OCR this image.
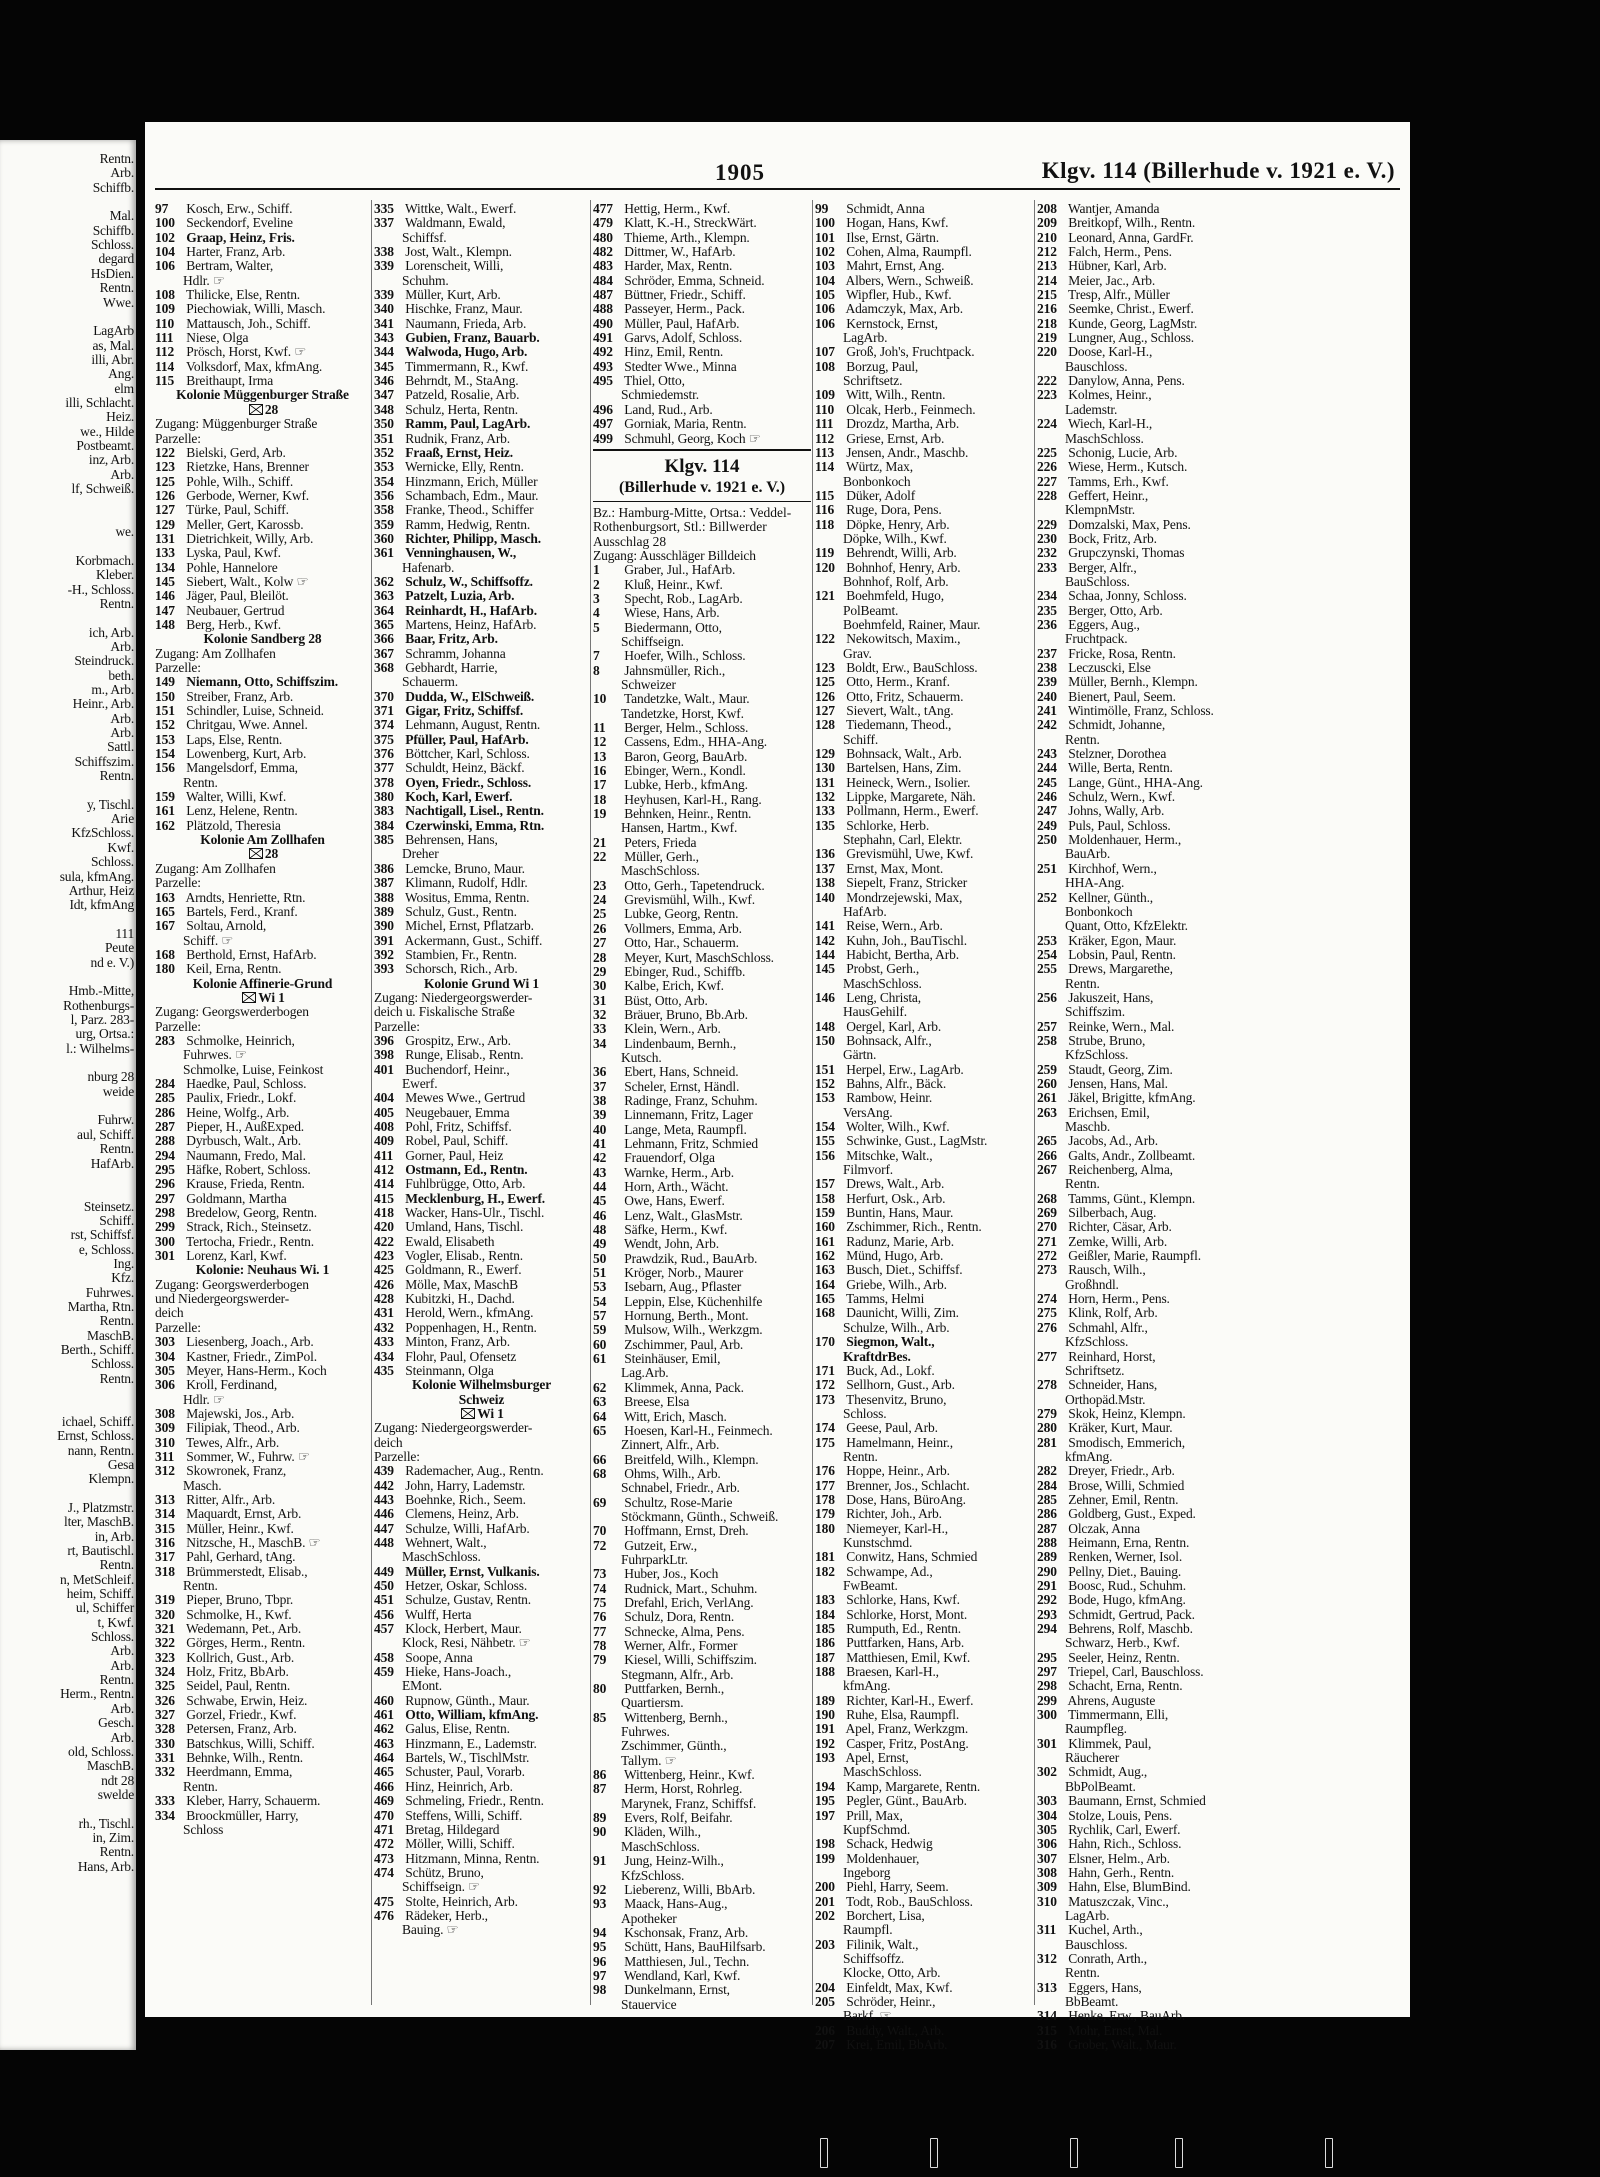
Rentn.
Arb.
Schiffb.
Mal.
Schiffb.
Schloss.
degard
HsDien.
Rentn.
Wwe.
LagArb
as, Mal.
illi, Abr.
Ang.
elm
illi, Schlacht.
Heiz.
we., Hilde
Postbeamt.
inz, Arb.
Arb.
lf, Schweiß.
we.
Korbmach.
Kleber.
-H., Schloss.
Rentn.
ich, Arb.
Arb.
Steindruck.
beth.
m., Arb.
Heinr., Arb.
Arb.
Arb.
Sattl.
Schiffszim.
Rentn.
y, Tischl.
Arie
KfzSchloss.
Kwf.
Schloss.
sula, kfmAng.
Arthur, Heiz
Idt, kfmAng
111
Peute
nd e. V.)
Hmb.-Mitte,
Rothenburgs-
l, Parz. 283-
urg, Ortsa.:
l.: Wilhelms-
nburg 28
weide
Fuhrw.
aul, Schiff.
Rentn.
HafArb.
Steinsetz.
Schiff.
rst, Schiffsf.
e, Schloss.
Ing.
Kfz.
Fuhrwes.
Martha, Rtn.
Rentn.
MaschB.
Berth., Schiff.
Schloss.
Rentn.
ichael, Schiff.
Ernst, Schloss.
nann, Rentn.
Gesa
Klempn.
J., Platzmstr.
lter, MaschB.
in, Arb.
rt, Bautischl.
Rentn.
n, MetSchleif.
heim, Schiff.
ul, Schiffer
t, Kwf.
Schloss.
Arb.
Arb.
Rentn.
Herm., Rentn.
Arb.
Gesch.
Arb.
old, Schloss.
MaschB.
ndt 28
swelde
rh., Tischl.
in, Zim.
Rentn.
Hans, Arb.
1905	Klgv. 114 (Billerhude v. 1921 e. V.)
97 Kosch, Erw., Schiff.
100 Seckendorf, Eveline
102 Graap, Heinz, Fris.
104 Harter, Franz, Arb.
106 Bertram, Walter,
Hdlr. ☞
108 Thilicke, Else, Rentn.
109 Piechowiak, Willi, Masch.
110 Mattausch, Joh., Schiff.
111 Niese, Olga
112 Prösch, Horst, Kwf. ☞
114 Volksdorf, Max, kfmAng.
115 Breithaupt, Irma
Kolonie Müggenburger Straße
28
Zugang: Müggenburger Straße
Parzelle:
122 Bielski, Gerd, Arb.
123 Rietzke, Hans, Brenner
125 Pohle, Wilh., Schiff.
126 Gerbode, Werner, Kwf.
127 Türke, Paul, Schiff.
129 Meller, Gert, Karossb.
131 Dietrichkeit, Willy, Arb.
133 Lyska, Paul, Kwf.
134 Pohle, Hannelore
145 Siebert, Walt., Kolw ☞
146 Jäger, Paul, Bleilöt.
147 Neubauer, Gertrud
148 Berg, Herb., Kwf.
Kolonie Sandberg 28
Zugang: Am Zollhafen
Parzelle:
149 Niemann, Otto, Schiffszim.
150 Streiber, Franz, Arb.
151 Schindler, Luise, Schneid.
152 Chritgau, Wwe. Annel.
153 Laps, Else, Rentn.
154 Lowenberg, Kurt, Arb.
156 Mangelsdorf, Emma,
Rentn.
159 Walter, Willi, Kwf.
161 Lenz, Helene, Rentn.
162 Plätzold, Theresia
Kolonie Am Zollhafen
28
Zugang: Am Zollhafen
Parzelle:
163 Arndts, Henriette, Rtn.
165 Bartels, Ferd., Kranf.
167 Soltau, Arnold,
Schiff. ☞
168 Berthold, Ernst, HafArb.
180 Keil, Erna, Rentn.
Kolonie Affinerie-Grund
Wi 1
Zugang: Georgswerderbogen
Parzelle:
283 Schmolke, Heinrich,
Fuhrwes. ☞
Schmolke, Luise, Feinkost
284 Haedke, Paul, Schloss.
285 Paulix, Friedr., Lokf.
286 Heine, Wolfg., Arb.
287 Pieper, H., AußExped.
288 Dyrbusch, Walt., Arb.
294 Naumann, Fredo, Mal.
295 Häfke, Robert, Schloss.
296 Krause, Frieda, Rentn.
297 Goldmann, Martha
298 Bredelow, Georg, Rentn.
299 Strack, Rich., Steinsetz.
300 Tertocha, Friedr., Rentn.
301 Lorenz, Karl, Kwf.
Kolonie: Neuhaus Wi. 1
Zugang: Georgswerderbogen
und Niedergeorgswerder-
deich
Parzelle:
303 Liesenberg, Joach., Arb.
304 Kastner, Friedr., ZimPol.
305 Meyer, Hans-Herm., Koch
306 Kroll, Ferdinand,
Hdlr. ☞
308 Majewski, Jos., Arb.
309 Filipiak, Theod., Arb.
310 Tewes, Alfr., Arb.
311 Sommer, W., Fuhrw. ☞
312 Skowronek, Franz,
Masch.
313 Ritter, Alfr., Arb.
314 Maquardt, Ernst, Arb.
315 Müller, Heinr., Kwf.
316 Nitzsche, H., MaschB. ☞
317 Pahl, Gerhard, tAng.
318 Brümmerstedt, Elisab.,
Rentn.
319 Pieper, Bruno, Tbpr.
320 Schmolke, H., Kwf.
321 Wedemann, Pet., Arb.
322 Görges, Herm., Rentn.
323 Kollrich, Gust., Arb.
324 Holz, Fritz, BbArb.
325 Seidel, Paul, Rentn.
326 Schwabe, Erwin, Heiz.
327 Gorzel, Friedr., Kwf.
328 Petersen, Franz, Arb.
330 Batschkus, Willi, Schiff.
331 Behnke, Wilh., Rentn.
332 Heerdmann, Emma,
Rentn.
333 Kleber, Harry, Schauerm.
334 Broockmüller, Harry,
Schloss
335 Wittke, Walt., Ewerf.
337 Waldmann, Ewald,
Schiffsf.
338 Jost, Walt., Klempn.
339 Lorenscheit, Willi,
Schuhm.
339 Müller, Kurt, Arb.
340 Hischke, Franz, Maur.
341 Naumann, Frieda, Arb.
343 Gubien, Franz, Bauarb.
344 Walwoda, Hugo, Arb.
345 Timmermann, R., Kwf.
346 Behrndt, M., StaAng.
347 Patzeld, Rosalie, Arb.
348 Schulz, Herta, Rentn.
350 Ramm, Paul, LagArb.
351 Rudnik, Franz, Arb.
352 Fraaß, Ernst, Heiz.
353 Wernicke, Elly, Rentn.
354 Hinzmann, Erich, Müller
356 Schambach, Edm., Maur.
358 Franke, Theod., Schiffer
359 Ramm, Hedwig, Rentn.
360 Richter, Philipp, Masch.
361 Venninghausen, W.,
Hafenarb.
362 Schulz, W., Schiffsoffz.
363 Patzelt, Luzia, Arb.
364 Reinhardt, H., HafArb.
365 Martens, Heinz, HafArb.
366 Baar, Fritz, Arb.
367 Schramm, Johanna
368 Gebhardt, Harrie,
Schauerm.
370 Dudda, W., ElSchweiß.
371 Gigar, Fritz, Schiffsf.
374 Lehmann, August, Rentn.
375 Pfüller, Paul, HafArb.
376 Böttcher, Karl, Schloss.
377 Schuldt, Heinz, Bäckf.
378 Oyen, Friedr., Schloss.
380 Koch, Karl, Ewerf.
383 Nachtigall, Lisel., Rentn.
384 Czerwinski, Emma, Rtn.
385 Behrensen, Hans,
Dreher
386 Lemcke, Bruno, Maur.
387 Klimann, Rudolf, Hdlr.
388 Wositus, Emma, Rentn.
389 Schulz, Gust., Rentn.
390 Michel, Ernst, Pflatzarb.
391 Ackermann, Gust., Schiff.
392 Stambien, Fr., Rentn.
393 Schorsch, Rich., Arb.
Kolonie Grund Wi 1
Zugang: Niedergeorgswerder-
deich u. Fiskalische Straße
Parzelle:
396 Grospitz, Erw., Arb.
398 Runge, Elisab., Rentn.
401 Buchendorf, Heinr.,
Ewerf.
404 Mewes Wwe., Gertrud
405 Neugebauer, Emma
408 Pohl, Fritz, Schiffsf.
409 Robel, Paul, Schiff.
411 Gorner, Paul, Heiz
412 Ostmann, Ed., Rentn.
414 Fuhlbrügge, Otto, Arb.
415 Mecklenburg, H., Ewerf.
418 Wacker, Hans-Ulr., Tischl.
420 Umland, Hans, Tischl.
422 Ewald, Elisabeth
423 Vogler, Elisab., Rentn.
425 Goldmann, R., Ewerf.
426 Mölle, Max, MaschB
428 Kubitzki, H., Dachd.
431 Herold, Wern., kfmAng.
432 Poppenhagen, H., Rentn.
433 Minton, Franz, Arb.
434 Flohr, Paul, Ofensetz
435 Steinmann, Olga
Kolonie Wilhelmsburger
Schweiz
Wi 1
Zugang: Niedergeorgswerder-
deich
Parzelle:
439 Rademacher, Aug., Rentn.
442 John, Harry, Lademstr.
443 Boehnke, Rich., Seem.
446 Clemens, Heinz, Arb.
447 Schulze, Willi, HafArb.
448 Wehnert, Walt.,
MaschSchloss.
449 Müller, Ernst, Vulkanis.
450 Hetzer, Oskar, Schloss.
451 Schulze, Gustav, Rentn.
456 Wulff, Herta
457 Klock, Herbert, Maur.
Klock, Resi, Nähbetr. ☞
458 Soope, Anna
459 Hieke, Hans-Joach.,
EMont.
460 Rupnow, Günth., Maur.
461 Otto, William, kfmAng.
462 Galus, Elise, Rentn.
463 Hinzmann, E., Lademstr.
464 Bartels, W., TischlMstr.
465 Schuster, Paul, Vorarb.
466 Hinz, Heinrich, Arb.
469 Schmeling, Friedr., Rentn.
470 Steffens, Willi, Schiff.
471 Bretag, Hildegard
472 Möller, Willi, Schiff.
473 Hitzmann, Minna, Rentn.
474 Schütz, Bruno,
Schiffseign. ☞
475 Stolte, Heinrich, Arb.
476 Rädeker, Herb.,
Bauing. ☞
477 Hettig, Herm., Kwf.
479 Klatt, K.-H., StreckWärt.
480 Thieme, Arth., Klempn.
482 Dittmer, W., HafArb.
483 Harder, Max, Rentn.
484 Schröder, Emma, Schneid.
487 Büttner, Friedr., Schiff.
488 Passeyer, Herm., Pack.
490 Müller, Paul, HafArb.
491 Garvs, Adolf, Schloss.
492 Hinz, Emil, Rentn.
493 Stedter Wwe., Minna
495 Thiel, Otto,
Schmiedemstr.
496 Land, Rud., Arb.
497 Gorniak, Maria, Rentn.
499 Schmuhl, Georg, Koch ☞
Klgv. 114
(Billerhude v. 1921 e. V.)
Bz.: Hamburg-Mitte, Ortsa.: Veddel-Rothenburgsort, Stl.: Billwerder Ausschlag 28
Zugang: Ausschläger Billdeich
1 Graber, Jul., HafArb.
2 Kluß, Heinr., Kwf.
3 Specht, Rob., LagArb.
4 Wiese, Hans, Arb.
5 Biedermann, Otto,
Schiffseign.
7 Hoefer, Wilh., Schloss.
8 Jahnsmüller, Rich.,
Schweizer
10 Tandetzke, Walt., Maur.
Tandetzke, Horst, Kwf.
11 Berger, Helm., Schloss.
12 Cassens, Edm., HHA-Ang.
13 Baron, Georg, BauArb.
16 Ebinger, Wern., Kondl.
17 Lubke, Herb., kfmAng.
18 Heyhusen, Karl-H., Rang.
19 Behnken, Heinr., Rentn.
Hansen, Hartm., Kwf.
21 Peters, Frieda
22 Müller, Gerh.,
MaschSchloss.
23 Otto, Gerh., Tapetendruck.
24 Grevismühl, Wilh., Kwf.
25 Lubke, Georg, Rentn.
26 Vollmers, Emma, Arb.
27 Otto, Har., Schauerm.
28 Meyer, Kurt, MaschSchloss.
29 Ebinger, Rud., Schiffb.
30 Kalbe, Erich, Kwf.
31 Büst, Otto, Arb.
32 Bräuer, Bruno, Bb.Arb.
33 Klein, Wern., Arb.
34 Lindenbaum, Bernh.,
Kutsch.
36 Ebert, Hans, Schneid.
37 Scheler, Ernst, Händl.
38 Radinge, Franz, Schuhm.
39 Linnemann, Fritz, Lager
40 Lange, Meta, Raumpfl.
41 Lehmann, Fritz, Schmied
42 Frauendorf, Olga
43 Warnke, Herm., Arb.
44 Horn, Arth., Wächt.
45 Owe, Hans, Ewerf.
46 Lenz, Walt., GlasMstr.
48 Säfke, Herm., Kwf.
49 Wendt, John, Arb.
50 Prawdzik, Rud., BauArb.
51 Kröger, Norb., Maurer
53 Isebarn, Aug., Pflaster
54 Leppin, Else, Küchenhilfe
57 Hornung, Berth., Mont.
59 Mulsow, Wilh., Werkzgm.
60 Zschimmer, Paul, Arb.
61 Steinhäuser, Emil,
Lag.Arb.
62 Klimmek, Anna, Pack.
63 Breese, Elsa
64 Witt, Erich, Masch.
65 Hoesen, Karl-H., Feinmech.
Zinnert, Alfr., Arb.
66 Breitfeld, Wilh., Klempn.
68 Ohms, Wilh., Arb.
Schnabel, Friedr., Arb.
69 Schultz, Rose-Marie
Stöckmann, Günth., Schweiß.
70 Hoffmann, Ernst, Dreh.
72 Gutzeit, Erw.,
FuhrparkLtr.
73 Huber, Jos., Koch
74 Rudnick, Mart., Schuhm.
75 Drefahl, Erich, VerlAng.
76 Schulz, Dora, Rentn.
77 Schnecke, Alma, Pens.
78 Werner, Alfr., Former
79 Kiesel, Willi, Schiffszim.
Stegmann, Alfr., Arb.
80 Puttfarken, Bernh.,
Quartiersm.
85 Wittenberg, Bernh.,
Fuhrwes.
Zschimmer, Günth.,
Tallym. ☞
86 Wittenberg, Heinr., Kwf.
87 Herm, Horst, Rohrleg.
Marynek, Franz, Schiffsf.
89 Evers, Rolf, Beifahr.
90 Kläden, Wilh.,
MaschSchloss.
91 Jung, Heinz-Wilh.,
KfzSchloss.
92 Lieberenz, Willi, BbArb.
93 Maack, Hans-Aug.,
Apotheker
94 Kschonsak, Franz, Arb.
95 Schütt, Hans, BauHilfsarb.
96 Matthiesen, Jul., Techn.
97 Wendland, Karl, Kwf.
98 Dunkelmann, Ernst,
Stauervice
99 Schmidt, Anna
100 Hogan, Hans, Kwf.
101 Ilse, Ernst, Gärtn.
102 Cohen, Alma, Raumpfl.
103 Mahrt, Ernst, Ang.
104 Albers, Wern., Schweiß.
105 Wipfler, Hub., Kwf.
106 Adamczyk, Max, Arb.
106 Kernstock, Ernst,
LagArb.
107 Groß, Joh's, Fruchtpack.
108 Borzug, Paul,
Schriftsetz.
109 Witt, Wilh., Rentn.
110 Olcak, Herb., Feinmech.
111 Drozdz, Martha, Arb.
112 Griese, Ernst, Arb.
113 Jensen, Andr., Maschb.
114 Würtz, Max,
Bonbonkoch
115 Düker, Adolf
116 Ruge, Dora, Pens.
118 Döpke, Henry, Arb.
Döpke, Wilh., Kwf.
119 Behrendt, Willi, Arb.
120 Bohnhof, Henry, Arb.
Bohnhof, Rolf, Arb.
121 Boehmfeld, Hugo,
PolBeamt.
Boehmfeld, Rainer, Maur.
122 Nekowitsch, Maxim.,
Grav.
123 Boldt, Erw., BauSchloss.
125 Otto, Herm., Kranf.
126 Otto, Fritz, Schauerm.
127 Sievert, Walt., tAng.
128 Tiedemann, Theod.,
Schiff.
129 Bohnsack, Walt., Arb.
130 Bartelsen, Hans, Zim.
131 Heineck, Wern., Isolier.
132 Lippke, Margarete, Näh.
133 Pollmann, Herm., Ewerf.
135 Schlorke, Herb.
Stephahn, Carl, Elektr.
136 Grevismühl, Uwe, Kwf.
137 Ernst, Max, Mont.
138 Siepelt, Franz, Stricker
140 Mondrzejewski, Max,
HafArb.
141 Reise, Wern., Arb.
142 Kuhn, Joh., BauTischl.
144 Habicht, Bertha, Arb.
145 Probst, Gerh.,
MaschSchloss.
146 Leng, Christa,
HausGehilf.
148 Oergel, Karl, Arb.
150 Bohnsack, Alfr.,
Gärtn.
151 Herpel, Erw., LagArb.
152 Bahns, Alfr., Bäck.
153 Rambow, Heinr.
VersAng.
154 Wolter, Wilh., Kwf.
155 Schwinke, Gust., LagMstr.
156 Mitschke, Walt.,
Filmvorf.
157 Drews, Walt., Arb.
158 Herfurt, Osk., Arb.
159 Buntin, Hans, Maur.
160 Zschimmer, Rich., Rentn.
161 Radunz, Marie, Arb.
162 Münd, Hugo, Arb.
163 Busch, Diet., Schiffsf.
164 Griebe, Wilh., Arb.
165 Tamms, Helmi
168 Daunicht, Willi, Zim.
Schulze, Wilh., Arb.
170 Siegmon, Walt.,
KraftdrBes.
171 Buck, Ad., Lokf.
172 Sellhorn, Gust., Arb.
173 Thesenvitz, Bruno,
Schloss.
174 Geese, Paul, Arb.
175 Hamelmann, Heinr.,
Rentn.
176 Hoppe, Heinr., Arb.
177 Brenner, Jos., Schlacht.
178 Dose, Hans, BüroAng.
179 Richter, Joh., Arb.
180 Niemeyer, Karl-H.,
Kunstschmd.
181 Conwitz, Hans, Schmied
182 Schwampe, Ad.,
FwBeamt.
183 Schlorke, Hans, Kwf.
184 Schlorke, Horst, Mont.
185 Rumputh, Ed., Rentn.
186 Puttfarken, Hans, Arb.
187 Matthiesen, Emil, Kwf.
188 Braesen, Karl-H.,
kfmAng.
189 Richter, Karl-H., Ewerf.
190 Ruhe, Elsa, Raumpfl.
191 Apel, Franz, Werkzgm.
192 Casper, Fritz, PostAng.
193 Apel, Ernst,
MaschSchloss.
194 Kamp, Margarete, Rentn.
195 Pegler, Günt., BauArb.
197 Prill, Max,
KupfSchmd.
198 Schack, Hedwig
199 Moldenhauer,
Ingeborg
200 Piehl, Harry, Seem.
201 Todt, Rob., BauSchloss.
202 Borchert, Lisa,
Raumpfl.
203 Filinik, Walt.,
Schiffsoffz.
Klocke, Otto, Arb.
204 Einfeldt, Max, Kwf.
205 Schröder, Heinr.,
Barkf. ☞
206 Buddy, Walt., Arb.
207 Krei, Emil, BbArb.
208 Wantjer, Amanda
209 Breitkopf, Wilh., Rentn.
210 Leonard, Anna, GardFr.
212 Falch, Herm., Pens.
213 Hübner, Karl, Arb.
214 Meier, Jac., Arb.
215 Tresp, Alfr., Müller
216 Seemke, Christ., Ewerf.
218 Kunde, Georg, LagMstr.
219 Lungner, Aug., Schloss.
220 Doose, Karl-H.,
Bauschloss.
222 Danylow, Anna, Pens.
223 Kolmes, Heinr.,
Lademstr.
224 Wiech, Karl-H.,
MaschSchloss.
225 Schonig, Lucie, Arb.
226 Wiese, Herm., Kutsch.
227 Tamms, Erh., Kwf.
228 Geffert, Heinr.,
KlempnMstr.
229 Domzalski, Max, Pens.
230 Bock, Fritz, Arb.
232 Grupczynski, Thomas
233 Berger, Alfr.,
BauSchloss.
234 Schaa, Jonny, Schloss.
235 Berger, Otto, Arb.
236 Eggers, Aug.,
Fruchtpack.
237 Fricke, Rosa, Rentn.
238 Leczuscki, Else
239 Müller, Bernh., Klempn.
240 Bienert, Paul, Seem.
241 Wintimölle, Franz, Schloss.
242 Schmidt, Johanne,
Rentn.
243 Stelzner, Dorothea
244 Wille, Berta, Rentn.
245 Lange, Günt., HHA-Ang.
246 Schulz, Wern., Kwf.
247 Johns, Wally, Arb.
249 Puls, Paul, Schloss.
250 Moldenhauer, Herm.,
BauArb.
251 Kirchhof, Wern.,
HHA-Ang.
252 Kellner, Günth.,
Bonbonkoch
Quant, Otto, KfzElektr.
253 Kräker, Egon, Maur.
254 Lobsin, Paul, Rentn.
255 Drews, Margarethe,
Rentn.
256 Jakuszeit, Hans,
Schiffszim.
257 Reinke, Wern., Mal.
258 Strube, Bruno,
KfzSchloss.
259 Staudt, Georg, Zim.
260 Jensen, Hans, Mal.
261 Jäkel, Brigitte, kfmAng.
263 Erichsen, Emil,
Maschb.
265 Jacobs, Ad., Arb.
266 Galts, Andr., Zollbeamt.
267 Reichenberg, Alma,
Rentn.
268 Tamms, Günt., Klempn.
269 Silberbach, Aug.
270 Richter, Cäsar, Arb.
271 Zemke, Willi, Arb.
272 Geißler, Marie, Raumpfl.
273 Rausch, Wilh.,
Großhndl.
274 Horn, Herm., Pens.
275 Klink, Rolf, Arb.
276 Schmahl, Alfr.,
KfzSchloss.
277 Reinhard, Horst,
Schriftsetz.
278 Schneider, Hans,
Orthopäd.Mstr.
279 Skok, Heinz, Klempn.
280 Kräker, Kurt, Maur.
281 Smodisch, Emmerich,
kfmAng.
282 Dreyer, Friedr., Arb.
284 Brose, Willi, Schmied
285 Zehner, Emil, Rentn.
286 Goldberg, Gust., Exped.
287 Olczak, Anna
288 Heimann, Erna, Rentn.
289 Renken, Werner, Isol.
290 Pellny, Diet., Bauing.
291 Boosc, Rud., Schuhm.
292 Bode, Hugo, kfmAng.
293 Schmidt, Gertrud, Pack.
294 Behrens, Rolf, Maschb.
Schwarz, Herb., Kwf.
295 Seeler, Heinz, Rentn.
297 Triepel, Carl, Bauschloss.
298 Schacht, Erna, Rentn.
299 Ahrens, Auguste
300 Timmermann, Elli,
Raumpfleg.
301 Klimmek, Paul,
Räucherer
302 Schmidt, Aug.,
BbPolBeamt.
303 Baumann, Ernst, Schmied
304 Stolze, Louis, Pens.
305 Rychlik, Carl, Ewerf.
306 Hahn, Rich., Schloss.
307 Elsner, Helm., Arb.
308 Hahn, Gerh., Rentn.
309 Hahn, Else, BlumBind.
310 Matuszczak, Vinc.,
LagArb.
311 Kuchel, Arth.,
Bauschloss.
312 Conrath, Arth.,
Rentn.
313 Eggers, Hans,
BbBeamt.
314 Henke, Erw., BauArb.
315 Mohr, Ernst, Mal.
316 Grober, Walt., Maur.
